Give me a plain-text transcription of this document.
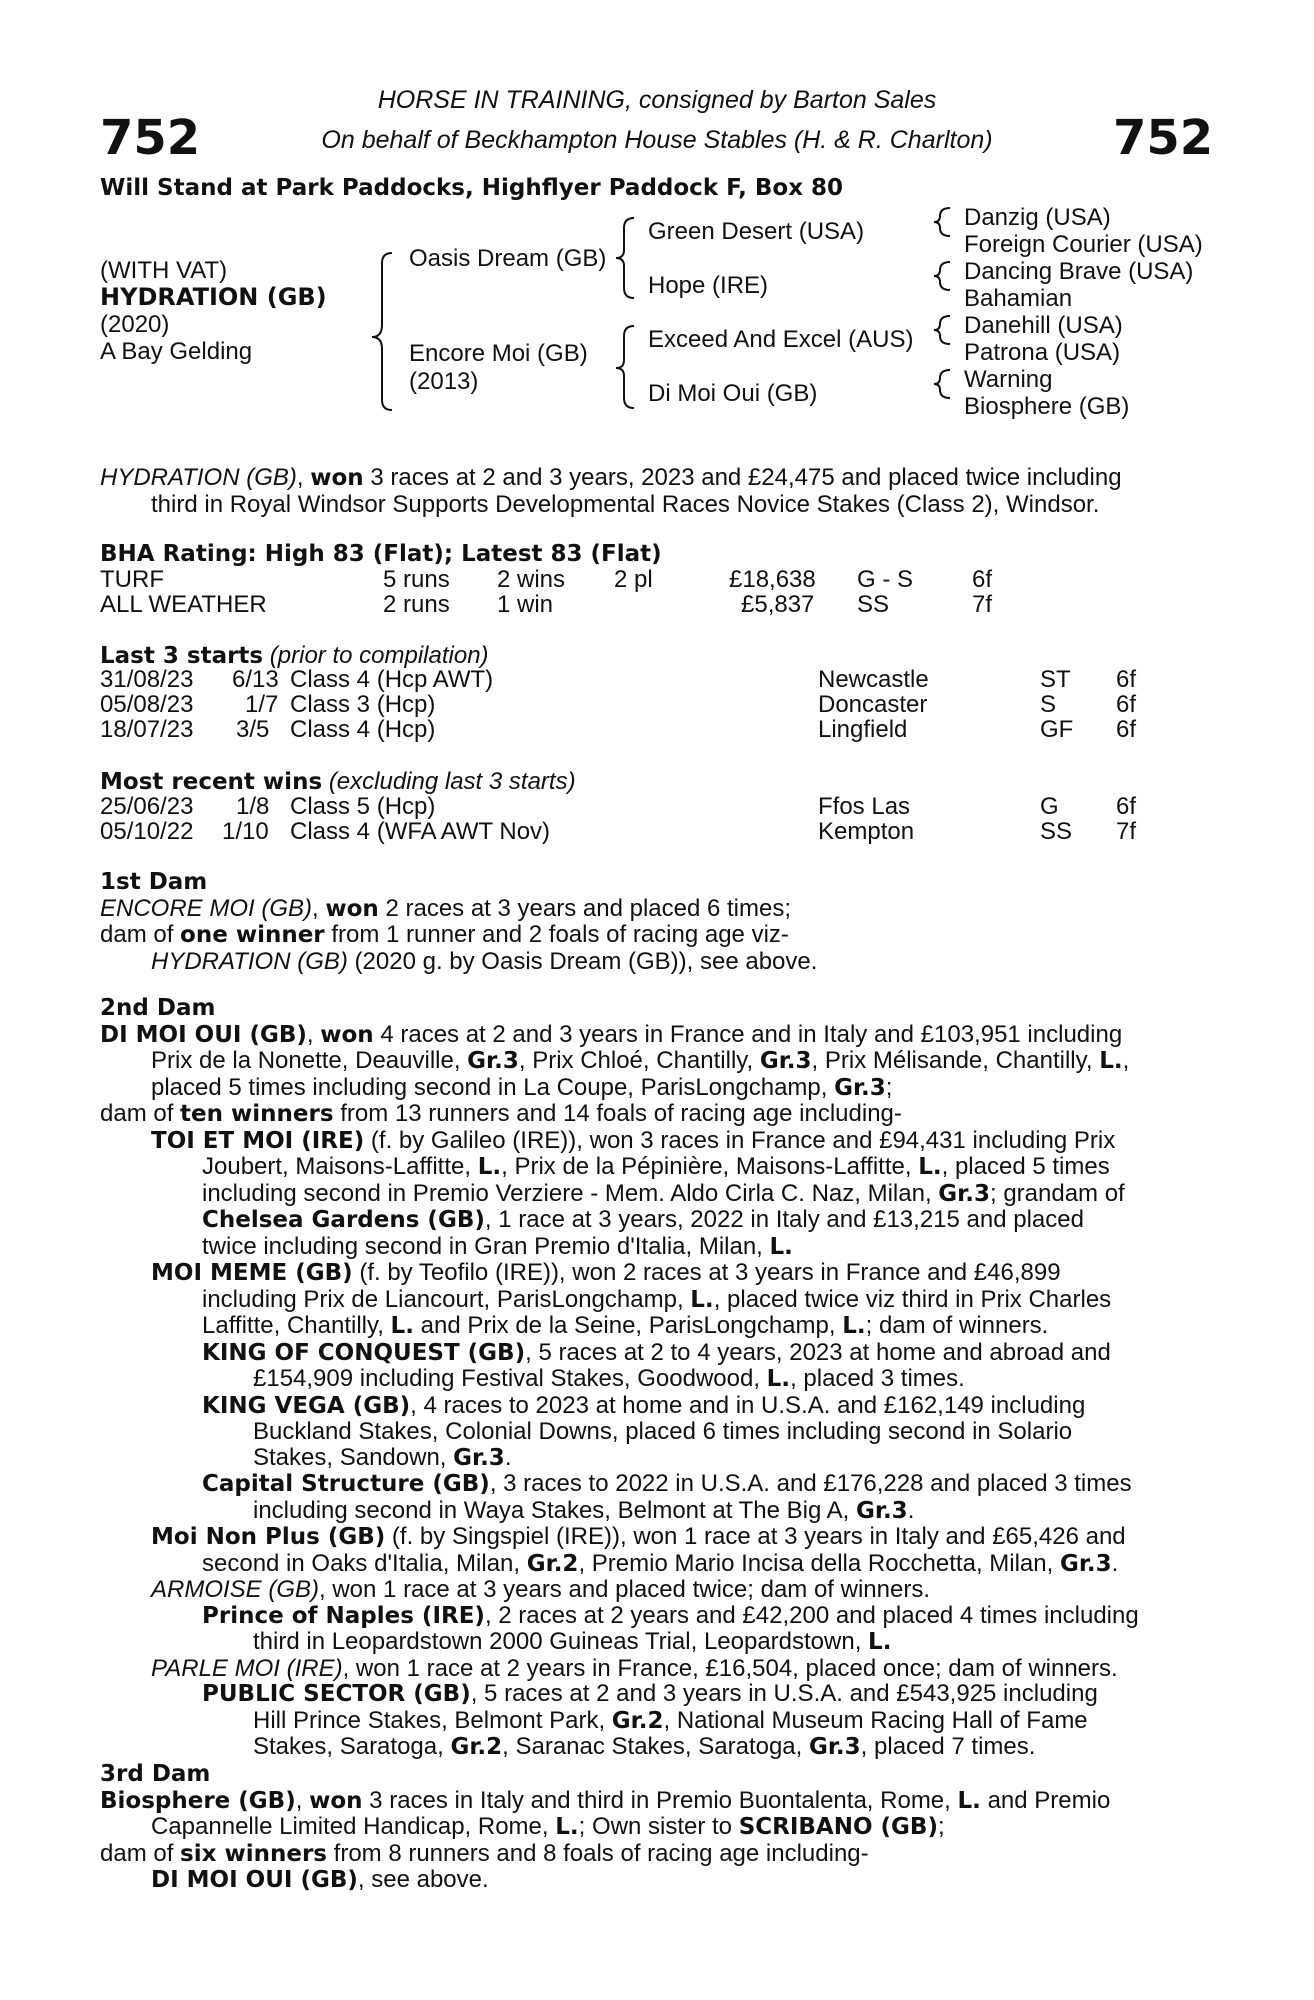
752	752
HORSE IN TRAINING, consigned by Barton Sales
On behalf of Beckhampton House Stables (H. & R. Charlton)
Will Stand at Park Paddocks, Highflyer Paddock F, Box 80
(WITH VAT)
HYDRATION (GB)
(2020)
A Bay Gelding
Oasis Dream (GB)
Encore Moi (GB)
(2013)
Green Desert (USA)
Hope (IRE)
Exceed And Excel (AUS)
Di Moi Oui (GB)
Danzig (USA)
Foreign Courier (USA)
Dancing Brave (USA)
Bahamian
Danehill (USA)
Patrona (USA)
Warning
Biosphere (GB)

HYDRATION (GB), won 3 races at 2 and 3 years, 2023 and £24,475 and placed twice including

third in Royal Windsor Supports Developmental Races Novice Stakes (Class 2), Windsor.

BHA Rating: High 83 (Flat); Latest 83 (Flat)
TURF	5 runs 2 wins 2 pl	£18,638 G - S 6f
ALL WEATHER	2 runs 1 win	£5,837 SS	7f
Last 3 starts (prior to compilation)
31/08/23 6/13 Class 4 (Hcp AWT)	Newcastle	ST 6f
05/08/23 1/7 Class 3 (Hcp)	Doncaster	S 6f
18/07/23 3/5 Class 4 (Hcp)	Lingfield	GF 6f
Most recent wins (excluding last 3 starts)
25/06/23 1/8 Class 5 (Hcp)	Ffos Las	G 6f
05/10/22 1/10 Class 4 (WFA AWT Nov)	Kempton	SS 7f

1st Dam

ENCORE MOI (GB), won 2 races at 3 years and placed 6 times;

dam of one winner from 1 runner and 2 foals of racing age viz-

HYDRATION (GB) (2020 g. by Oasis Dream (GB)), see above.

2nd Dam

DI MOI OUI (GB), won 4 races at 2 and 3 years in France and in Italy and £103,951 including

Prix de la Nonette, Deauville, Gr.3, Prix Chloé, Chantilly, Gr.3, Prix Mélisande, Chantilly, L.,

placed 5 times including second in La Coupe, ParisLongchamp, Gr.3;

dam of ten winners from 13 runners and 14 foals of racing age including-

TOI ET MOI (IRE) (f. by Galileo (IRE)), won 3 races in France and £94,431 including Prix

Joubert, Maisons-Laffitte, L., Prix de la Pépinière, Maisons-Laffitte, L., placed 5 times

including second in Premio Verziere - Mem. Aldo Cirla C. Naz, Milan, Gr.3; grandam of

Chelsea Gardens (GB), 1 race at 3 years, 2022 in Italy and £13,215 and placed

twice including second in Gran Premio d'Italia, Milan, L.

MOI MEME (GB) (f. by Teofilo (IRE)), won 2 races at 3 years in France and £46,899

including Prix de Liancourt, ParisLongchamp, L., placed twice viz third in Prix Charles

Laffitte, Chantilly, L. and Prix de la Seine, ParisLongchamp, L.; dam of winners.

KING OF CONQUEST (GB), 5 races at 2 to 4 years, 2023 at home and abroad and

£154,909 including Festival Stakes, Goodwood, L., placed 3 times.

KING VEGA (GB), 4 races to 2023 at home and in U.S.A. and £162,149 including

Buckland Stakes, Colonial Downs, placed 6 times including second in Solario

Stakes, Sandown, Gr.3.

Capital Structure (GB), 3 races to 2022 in U.S.A. and £176,228 and placed 3 times

including second in Waya Stakes, Belmont at The Big A, Gr.3.

Moi Non Plus (GB) (f. by Singspiel (IRE)), won 1 race at 3 years in Italy and £65,426 and

second in Oaks d'Italia, Milan, Gr.2, Premio Mario Incisa della Rocchetta, Milan, Gr.3.

ARMOISE (GB), won 1 race at 3 years and placed twice; dam of winners.

Prince of Naples (IRE), 2 races at 2 years and £42,200 and placed 4 times including

third in Leopardstown 2000 Guineas Trial, Leopardstown, L.

PARLE MOI (IRE), won 1 race at 2 years in France, £16,504, placed once; dam of winners.

PUBLIC SECTOR (GB), 5 races at 2 and 3 years in U.S.A. and £543,925 including

Hill Prince Stakes, Belmont Park, Gr.2, National Museum Racing Hall of Fame

Stakes, Saratoga, Gr.2, Saranac Stakes, Saratoga, Gr.3, placed 7 times.

3rd Dam

Biosphere (GB), won 3 races in Italy and third in Premio Buontalenta, Rome, L. and Premio

Capannelle Limited Handicap, Rome, L.; Own sister to SCRIBANO (GB);

dam of six winners from 8 runners and 8 foals of racing age including-

DI MOI OUI (GB), see above.
